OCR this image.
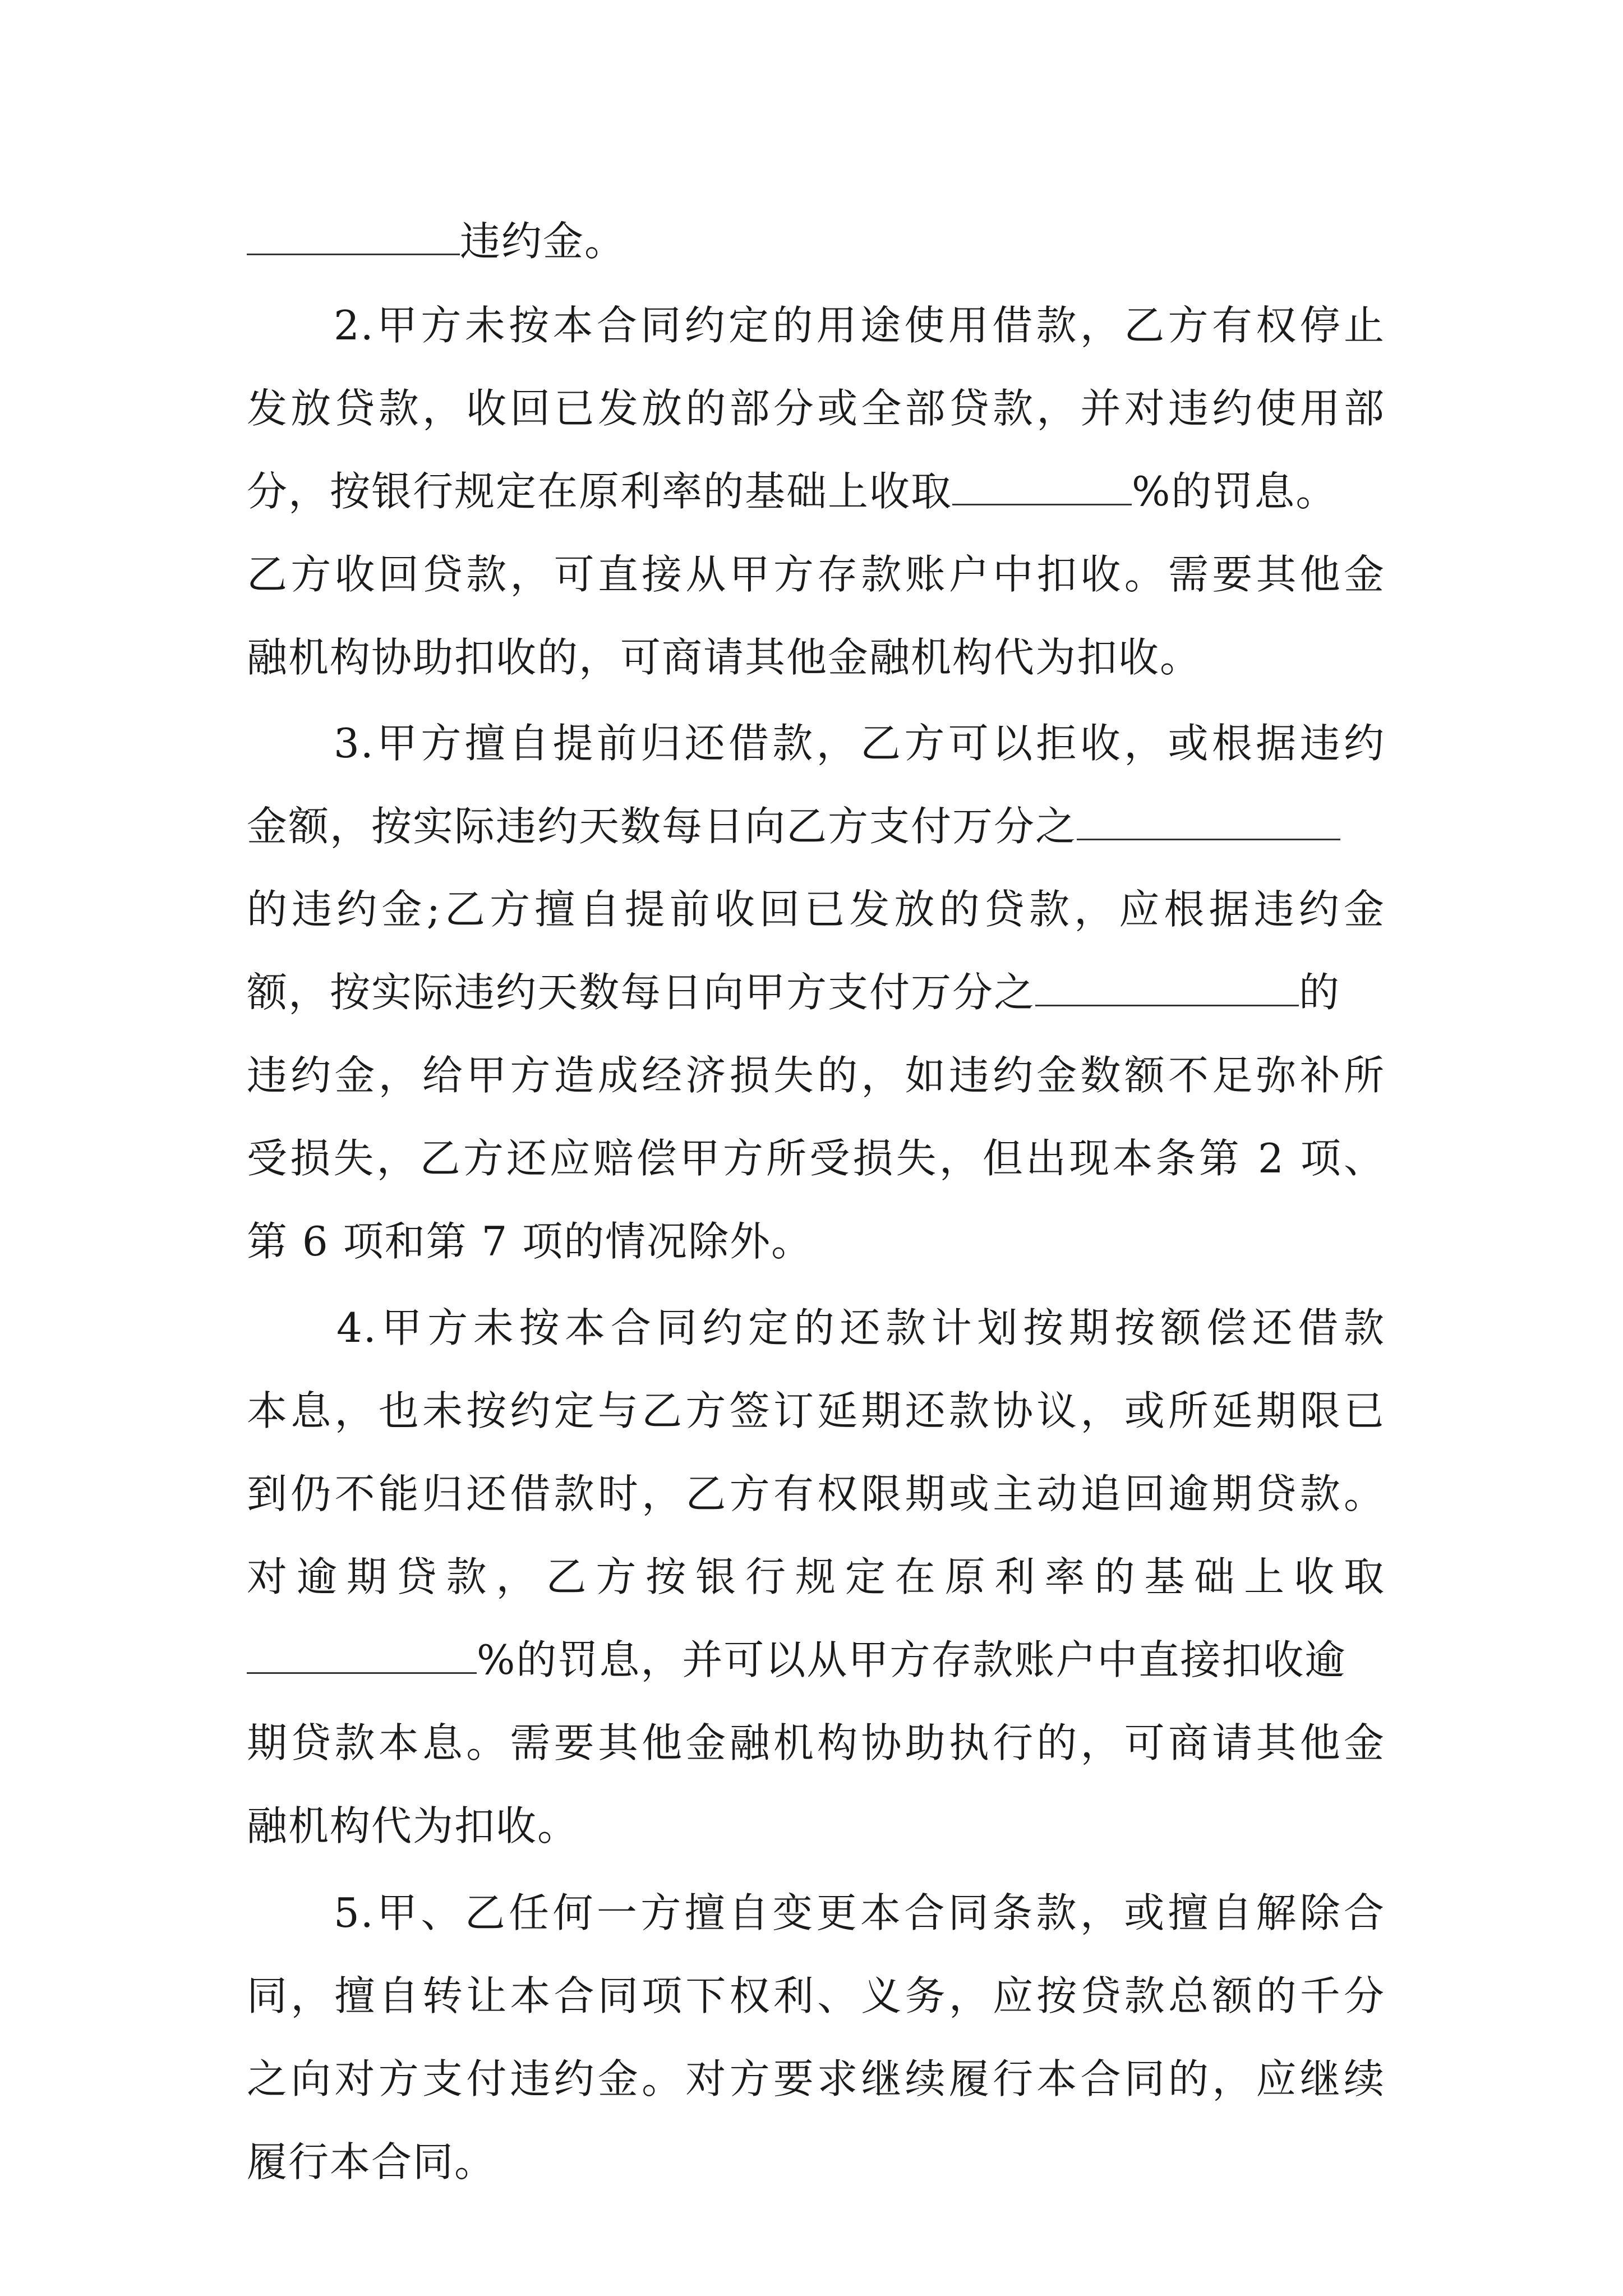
违约金。
2.甲方未按本合同约定的用途使用借款，乙方有权停止
发放贷款，收回已发放的部分或全部贷款，并对违约使用部
分，按银行规定在原利率的基础上收取	%的罚息。
乙方收回贷款，可直接从甲方存款账户中扣收。需要其他金
融机构协助扣收的，可商请其他金融机构代为扣收。
3.甲方擅自提前归还借款，乙方可以拒收，或根据违约
金额，按实际违约天数每日向乙方支付万分之
的违约金;乙方擅自提前收回已发放的贷款，应根据违约金
额，按实际违约天数每日向甲方支付万分之	的
违约金，给甲方造成经济损失的，如违约金数额不足弥补所
受损失，乙方还应赔偿甲方所受损失，但出现本条第 2 项、
第 6 项和第 7 项的情况除外。
4.甲方未按本合同约定的还款计划按期按额偿还借款
本息，也未按约定与乙方签订延期还款协议，或所延期限已
到仍不能归还借款时，乙方有权限期或主动追回逾期贷款。
对逾期贷款，乙方按银行规定在原利率的基础上收取
%的罚息，并可以从甲方存款账户中直接扣收逾
期贷款本息。需要其他金融机构协助执行的，可商请其他金
融机构代为扣收。
5.甲、乙任何一方擅自变更本合同条款，或擅自解除合
同，擅自转让本合同项下权利、义务，应按贷款总额的千分
之向对方支付违约金。对方要求继续履行本合同的，应继续
履行本合同。
